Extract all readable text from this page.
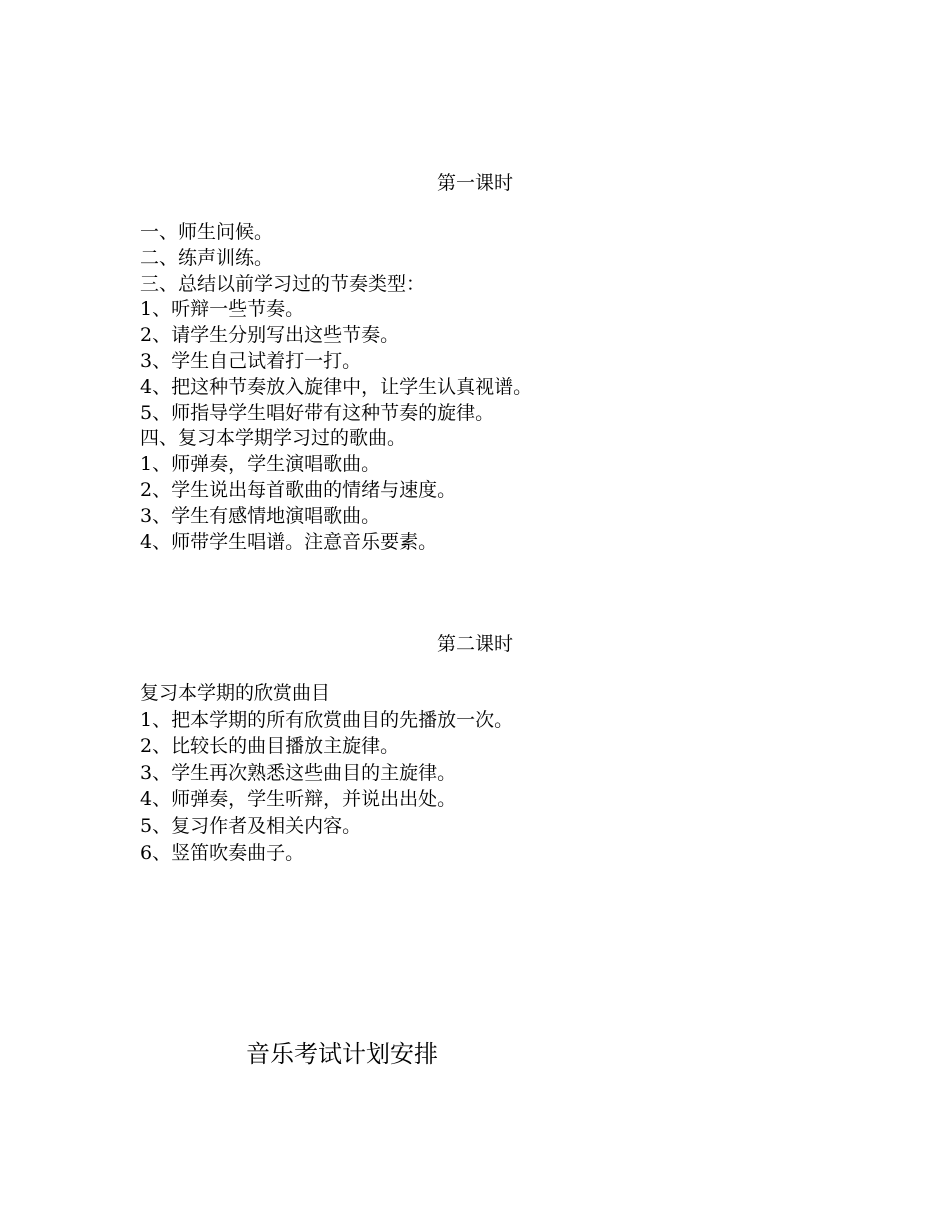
第一课时
一、师生问候。
二、练声训练。
三、总结以前学习过的节奏类型：
1、听辩一些节奏。
2、请学生分别写出这些节奏。
3、学生自己试着打一打。
4、把这种节奏放入旋律中，让学生认真视谱。
5、师指导学生唱好带有这种节奏的旋律。
四、复习本学期学习过的歌曲。
1、师弹奏，学生演唱歌曲。
2、学生说出每首歌曲的情绪与速度。
3、学生有感情地演唱歌曲。
4、师带学生唱谱。注意音乐要素。
第二课时
复习本学期的欣赏曲目
1、把本学期的所有欣赏曲目的先播放一次。
2、比较长的曲目播放主旋律。
3、学生再次熟悉这些曲目的主旋律。
4、师弹奏，学生听辩，并说出出处。
5、复习作者及相关内容。
6、竖笛吹奏曲子。
音乐考试计划安排
